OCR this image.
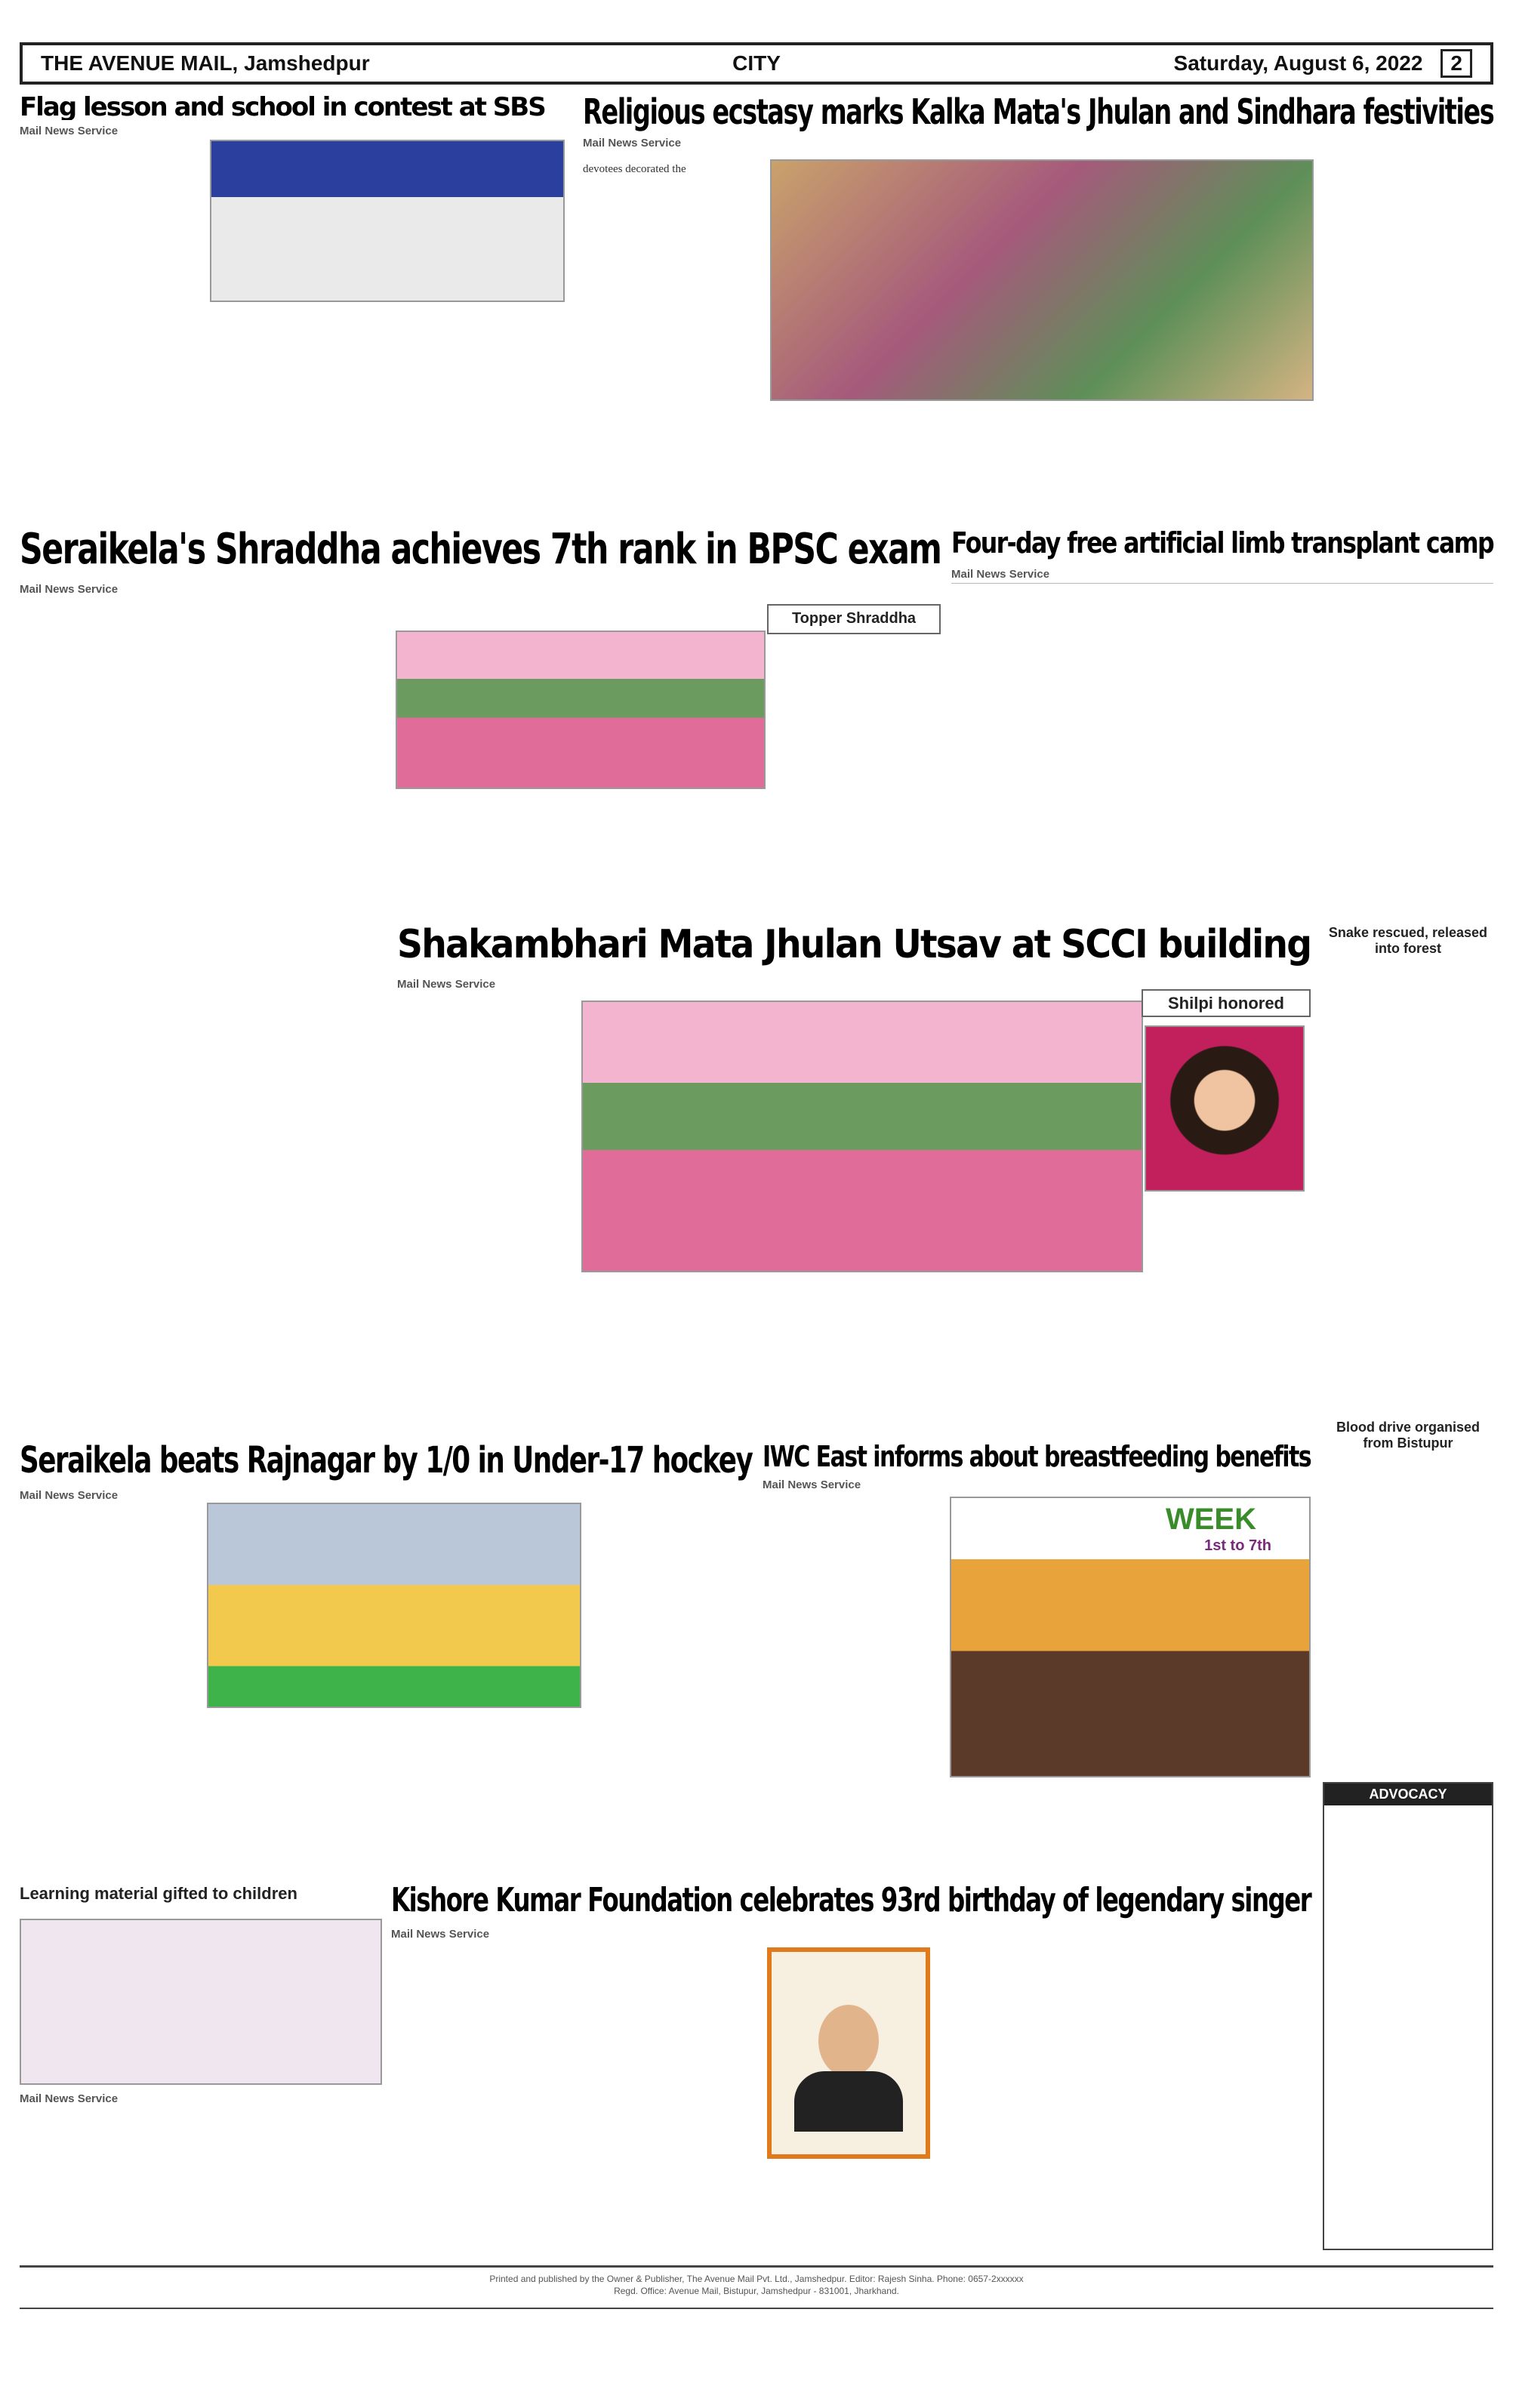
THE AVENUE MAIL, Jamshedpur	CITY	Saturday, August 6, 2022	2
Flag lesson and school in contest at SBS
Mail News Service

	Religious ecstasy marks Kalka Mata's Jhulan and Sindhara festivities
Mail News Service

devotees decorated the

Seraikela's Shraddha achieves 7th rank in BPSC exam
Mail News Service
Topper Shraddha
Four-day free artificial limb transplant camp
Mail News Service
Shakambhari Mata Jhulan Utsav at SCCI building
Mail News Service
Shilpi honored
Snake rescued, released into forest
Seraikela beats Rajnagar by 1/0 in Under-17 hockey
Mail News Service
IWC East informs about breastfeeding benefits
Mail News Service
WEEK
1st to 7th
Blood drive organised from Bistupur
ADVOCACY
Learning material gifted to children
Mail News Service
Kishore Kumar Foundation celebrates 93rd birthday of legendary singer
Mail News Service
Printed and published by the Owner & Publisher, The Avenue Mail Pvt. Ltd., Jamshedpur. Editor: Rajesh Sinha. Phone: 0657-2xxxxxx
Regd. Office: Avenue Mail, Bistupur, Jamshedpur - 831001, Jharkhand.
